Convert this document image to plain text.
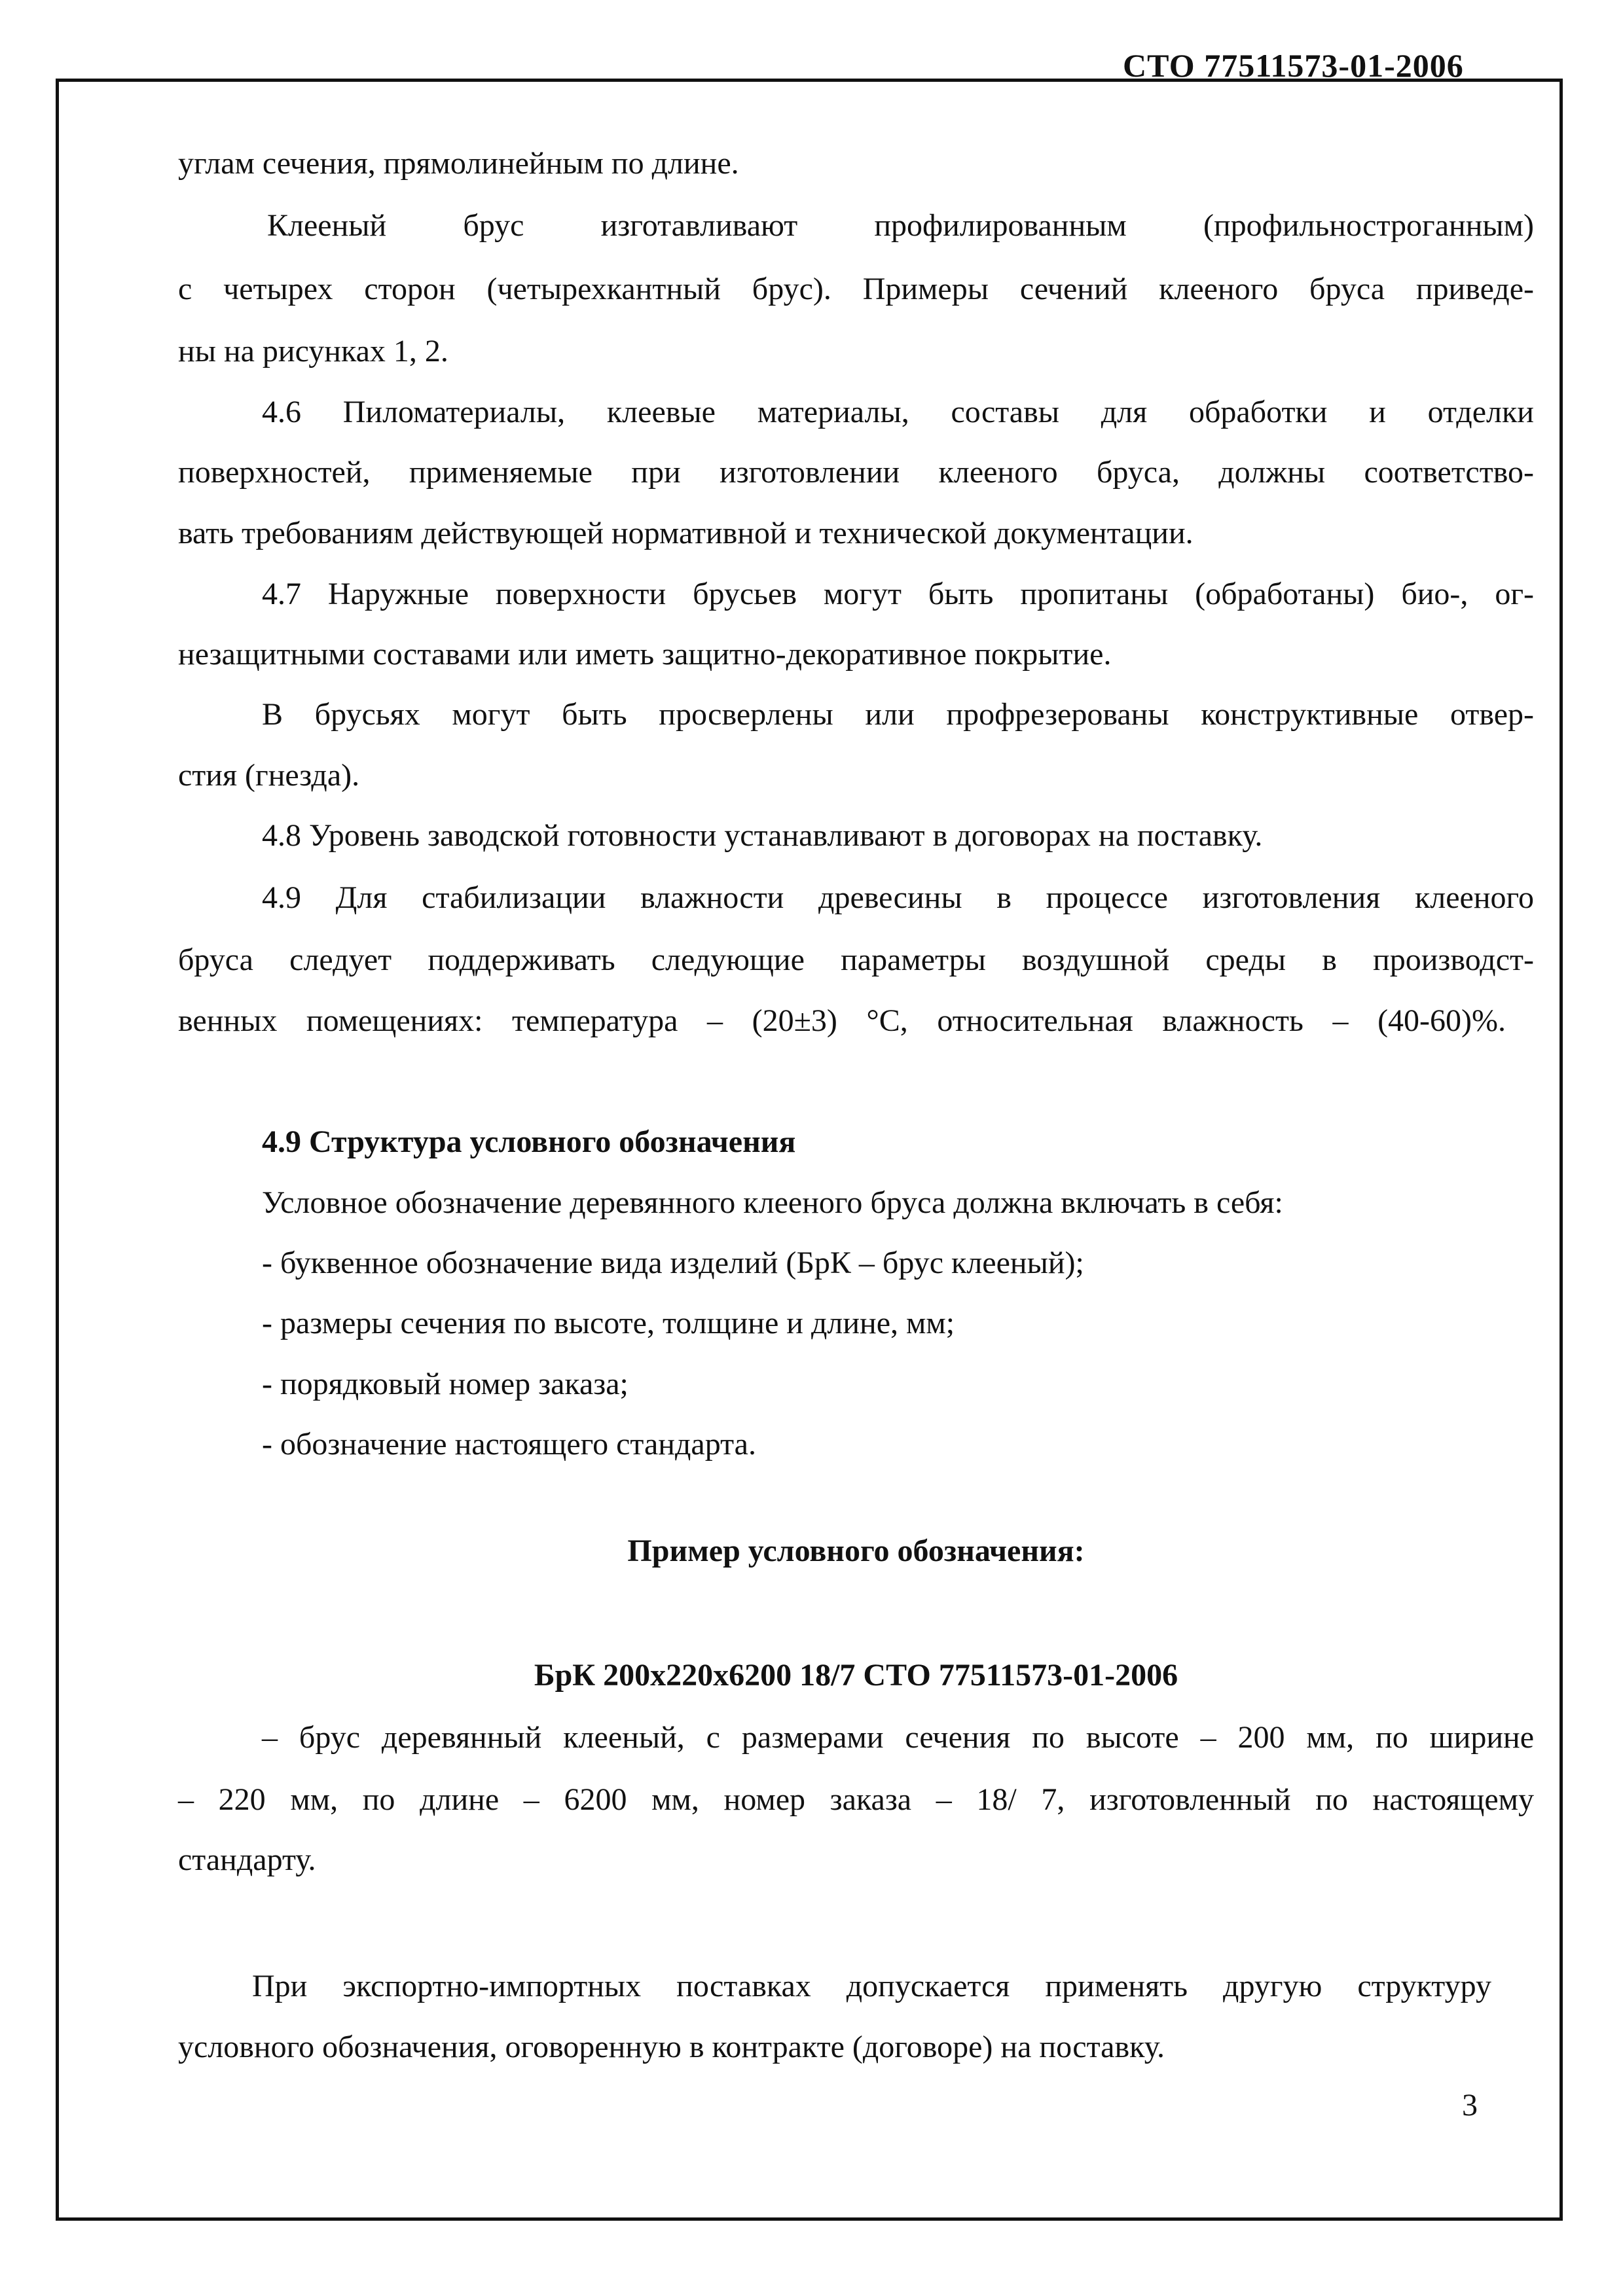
СТО 77511573-01-2006
углам сечения, прямолинейным по длине.
Клееный брус изготавливают профилированным (профильнострoганным)
с четырех сторон (четырехкантный брус). Примеры сечений клееного бруса приведе-
ны на рисунках 1, 2.
4.6 Пиломатериалы, клеевые материалы, составы для обработки и отделки
поверхностей, применяемые при изготовлении клееного бруса, должны соответство-
вать требованиям действующей нормативной и технической документации.
4.7 Наружные поверхности брусьев могут быть пропитаны (обработаны) био-, ог-
незащитными составами или иметь защитно-декоративное покрытие.
В брусьях могут быть просверлены или профрезерованы конструктивные отвер-
стия (гнезда).
4.8 Уровень заводской готовности устанавливают в договорах на поставку.
4.9 Для стабилизации влажности древесины в процессе изготовления клееного
бруса следует поддерживать следующие параметры воздушной среды в производст-
венных помещениях: температура – (20±3) °С, относительная влажность – (40-60)%.
4.9 Структура условного обозначения
Условное обозначение деревянного клееного бруса должна включать в себя:
- буквенное обозначение вида изделий (БрК – брус клееный);
- размеры сечения по высоте, толщине и длине, мм;
- порядковый номер заказа;
- обозначение настоящего стандарта.
Пример условного обозначения:
БрК 200х220х6200 18/7 СТО 77511573-01-2006
– брус деревянный клееный, с размерами сечения по высоте – 200 мм, по ширине
– 220 мм, по длине – 6200 мм, номер заказа – 18/ 7, изготовленный по настоящему
стандарту.
При экспортно-импортных поставках допускается применять другую структуру
условного обозначения, оговоренную в контракте (договоре) на поставку.
3
